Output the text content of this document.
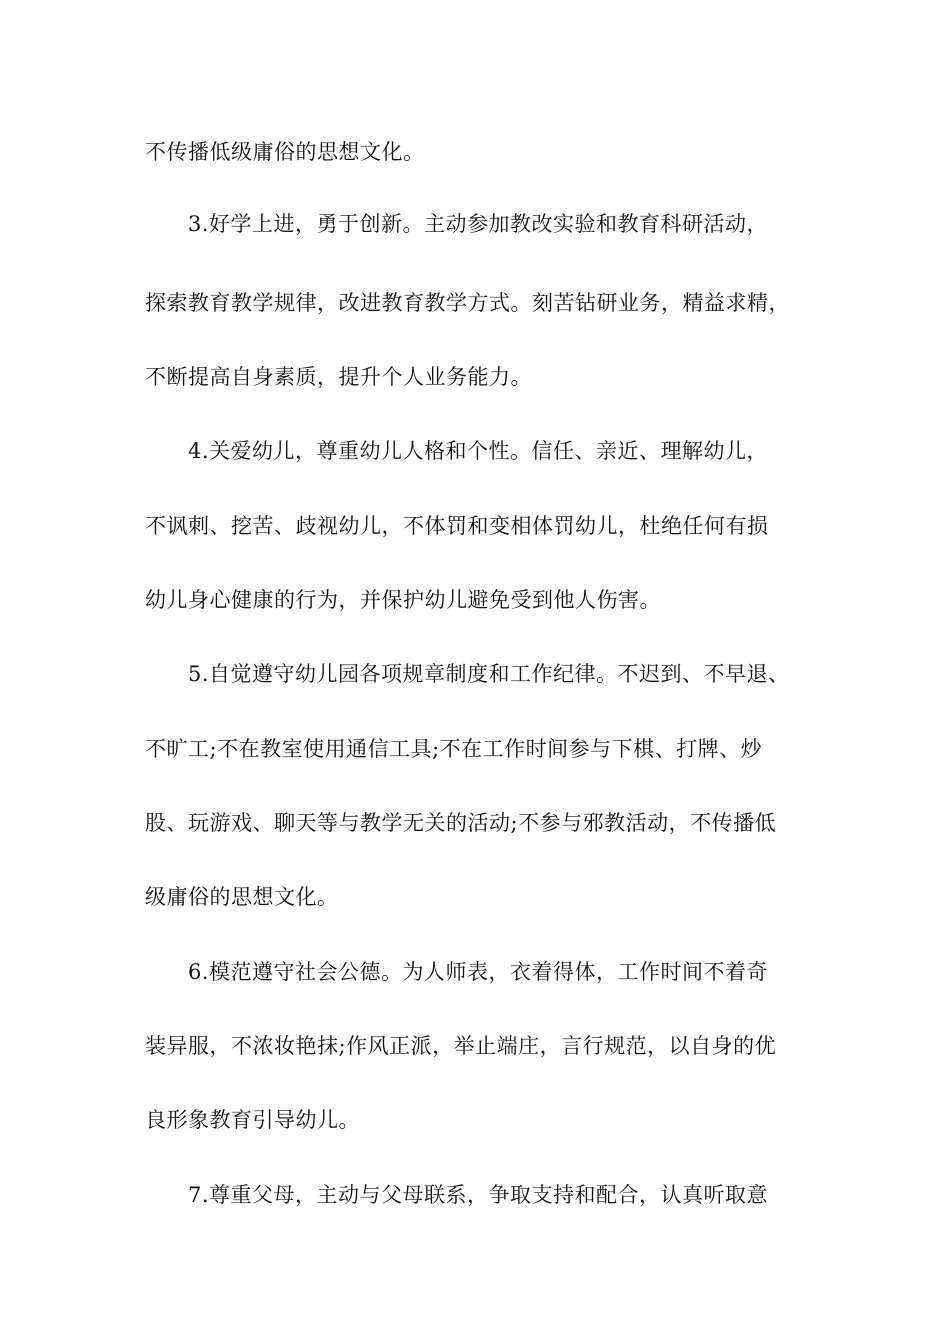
不传播低级庸俗的思想文化。
3.好学上进，勇于创新。主动参加教改实验和教育科研活动，
探索教育教学规律，改进教育教学方式。刻苦钻研业务，精益求精，
不断提高自身素质，提升个人业务能力。
4.关爱幼儿，尊重幼儿人格和个性。信任、亲近、理解幼儿，
不讽刺、挖苦、歧视幼儿，不体罚和变相体罚幼儿，杜绝任何有损
幼儿身心健康的行为，并保护幼儿避免受到他人伤害。
5.自觉遵守幼儿园各项规章制度和工作纪律。不迟到、不早退、
不旷工;不在教室使用通信工具;不在工作时间参与下棋、打牌、炒
股、玩游戏、聊天等与教学无关的活动;不参与邪教活动，不传播低
级庸俗的思想文化。
6.模范遵守社会公德。为人师表，衣着得体，工作时间不着奇
装异服，不浓妆艳抹;作风正派，举止端庄，言行规范，以自身的优
良形象教育引导幼儿。
7.尊重父母，主动与父母联系，争取支持和配合，认真听取意
